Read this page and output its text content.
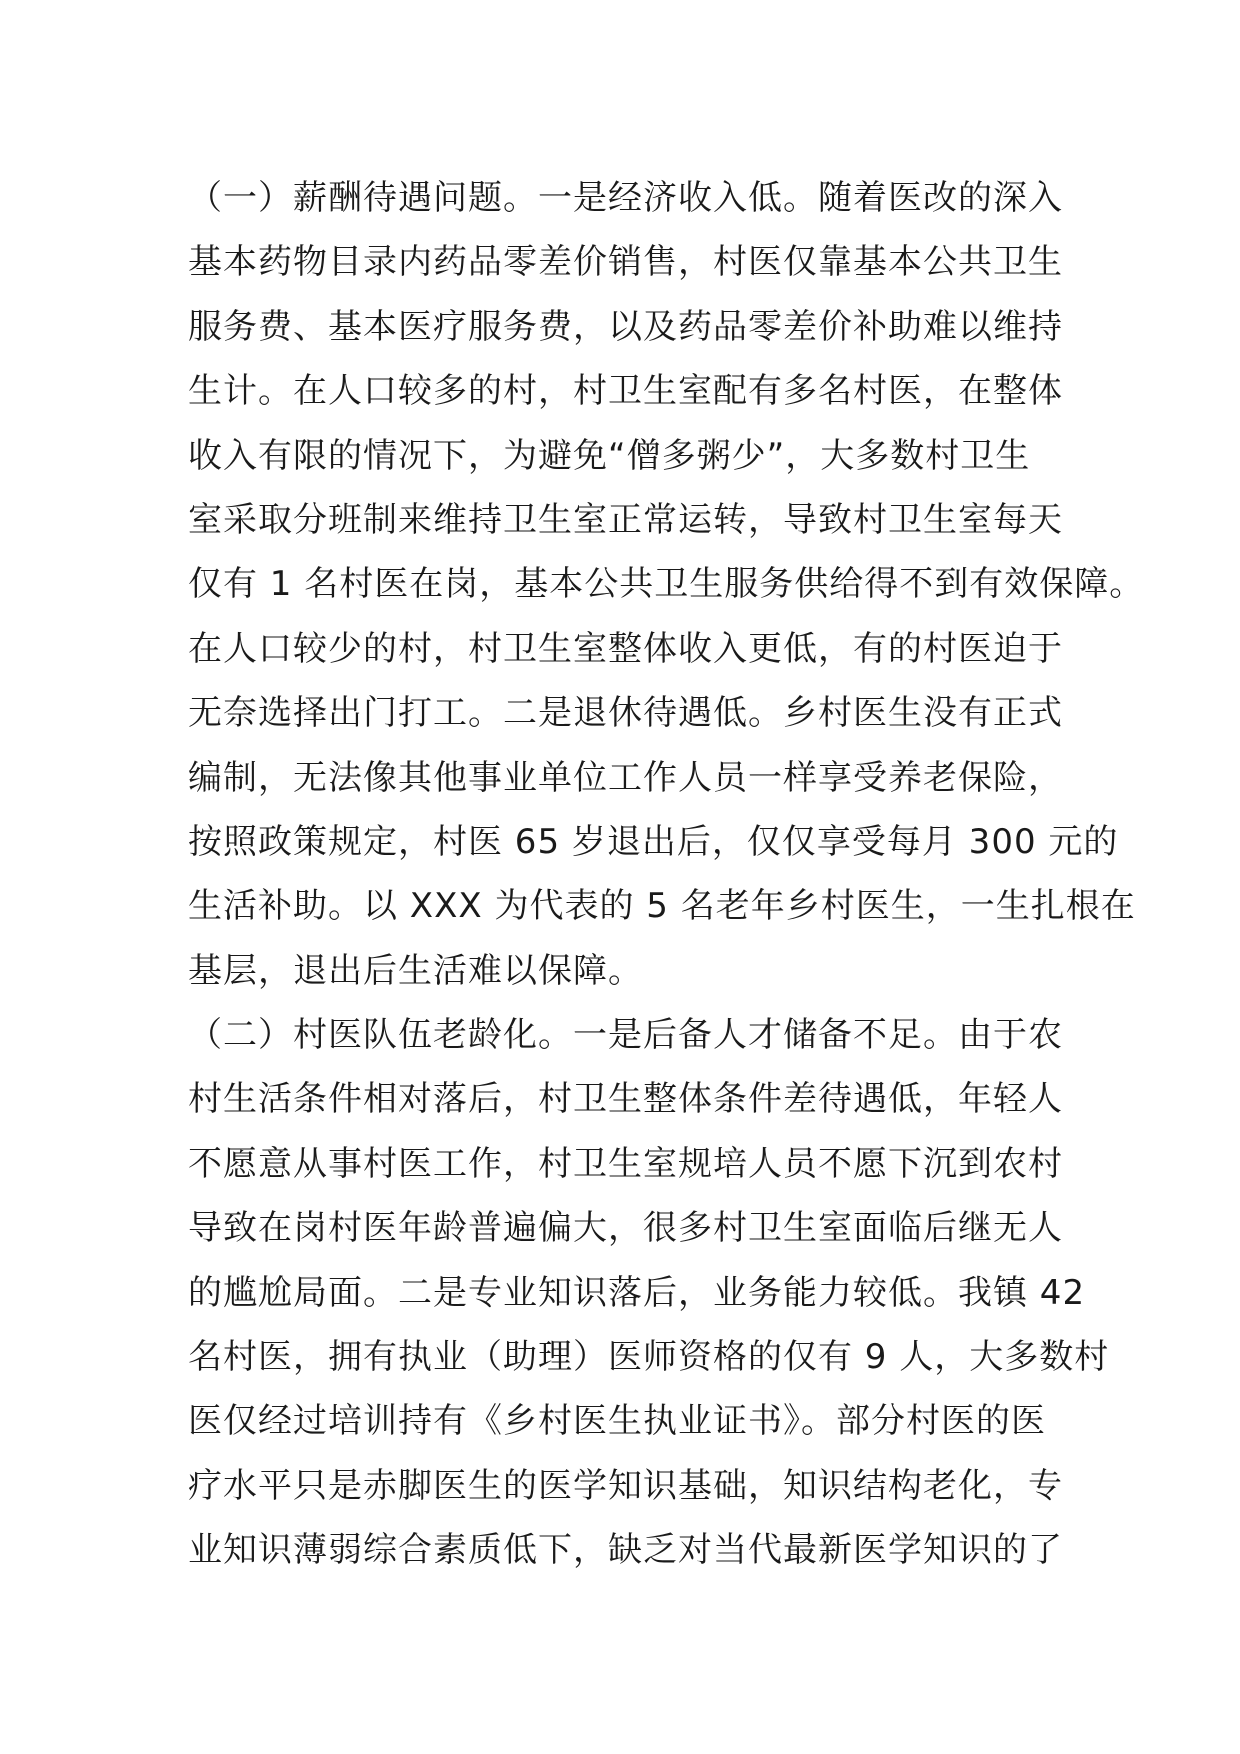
（一）薪酬待遇问题。一是经济收入低。随着医改的深入
基本药物目录内药品零差价销售，村医仅靠基本公共卫生
服务费、基本医疗服务费，以及药品零差价补助难以维持
生计。在人口较多的村，村卫生室配有多名村医，在整体
收入有限的情况下，为避免“僧多粥少”，大多数村卫生
室采取分班制来维持卫生室正常运转，导致村卫生室每天
仅有 1 名村医在岗，基本公共卫生服务供给得不到有效保障。
在人口较少的村，村卫生室整体收入更低，有的村医迫于
无奈选择出门打工。二是退休待遇低。乡村医生没有正式
编制，无法像其他事业单位工作人员一样享受养老保险，
按照政策规定，村医 65 岁退出后，仅仅享受每月 300 元的
生活补助。以 XXX 为代表的 5 名老年乡村医生，一生扎根在
基层，退出后生活难以保障。
（二）村医队伍老龄化。一是后备人才储备不足。由于农
村生活条件相对落后，村卫生整体条件差待遇低，年轻人
不愿意从事村医工作，村卫生室规培人员不愿下沉到农村
导致在岗村医年龄普遍偏大，很多村卫生室面临后继无人
的尴尬局面。二是专业知识落后，业务能力较低。我镇 42
名村医，拥有执业（助理）医师资格的仅有 9 人，大多数村
医仅经过培训持有《乡村医生执业证书》。部分村医的医
疗水平只是赤脚医生的医学知识基础，知识结构老化，专
业知识薄弱综合素质低下，缺乏对当代最新医学知识的了
